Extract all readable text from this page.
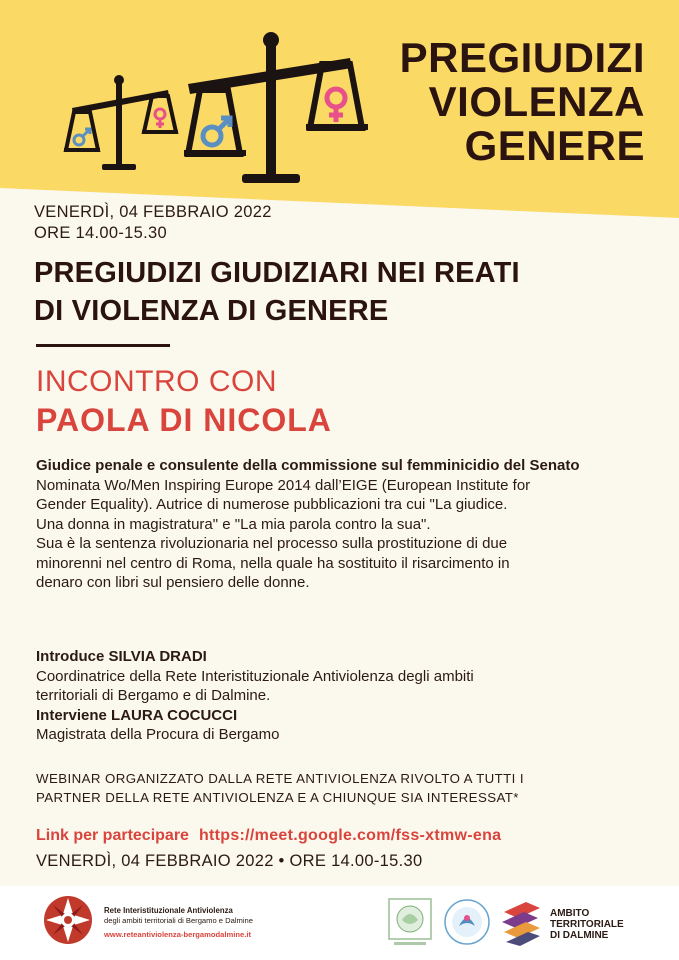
PREGIUDIZI
VIOLENZA
GENERE
VENERDÌ, 04 FEBBRAIO 2022
ORE 14.00-15.30
PREGIUDIZI GIUDIZIARI NEI REATI
DI VIOLENZA DI GENERE
INCONTRO CON
PAOLA DI NICOLA

Giudice penale e consulente della commissione sul femminicidio del Senato

Nominata Wo/Men Inspiring Europe 2014 dall’EIGE (European Institute for

Gender Equality). Autrice di numerose pubblicazioni tra cui "La giudice.

Una donna in magistratura" e "La mia parola contro la sua".

Sua è la sentenza rivoluzionaria nel processo sulla prostituzione di due

minorenni nel centro di Roma, nella quale ha sostituito il risarcimento in

denaro con libri sul pensiero delle donne.

Introduce SILVIA DRADI

Coordinatrice della Rete Interistituzionale Antiviolenza degli ambiti

territoriali di Bergamo e di Dalmine.

Interviene LAURA COCUCCI

Magistrata della Procura di Bergamo

WEBINAR ORGANIZZATO DALLA RETE ANTIVIOLENZA RIVOLTO A TUTTI I
PARTNER DELLA RETE ANTIVIOLENZA E A CHIUNQUE SIA INTERESSAT*
Link per partecipare https://meet.google.com/fss-xtmw-ena
VENERDÌ, 04 FEBBRAIO 2022 • ORE 14.00-15.30
Rete Interistituzionale Antiviolenza
degli ambiti territoriali di Bergamo e Dalmine
www.reteantiviolenza-bergamodalmine.it
AMBITO
TERRITORIALE
DI DALMINE
